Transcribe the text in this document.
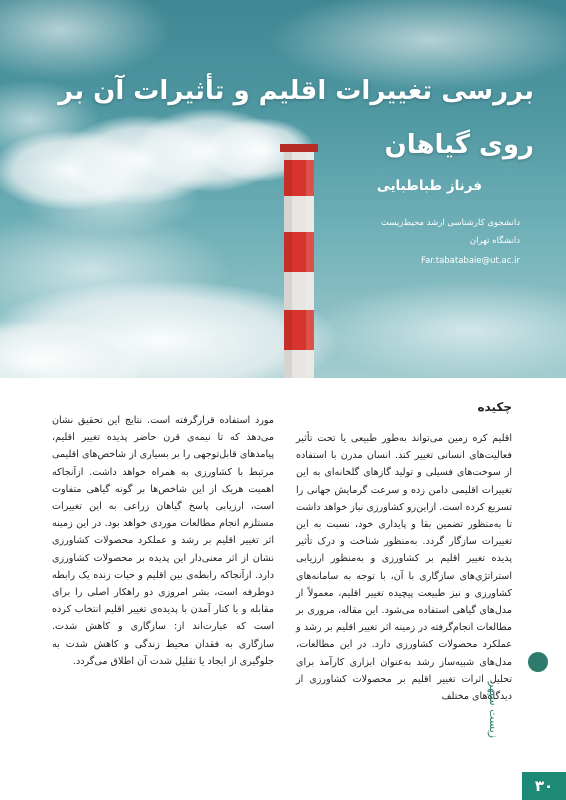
بررسی تغییرات اقلیم و تأثیرات آن بر
روی گیاهان
فرناز طباطبایی
دانشجوی کارشناسی ارشد محیط‌زیست
دانشگاه تهران
Far.tabatabaie@ut.ac.ir
چکیده
اقلیم کره زمین می‌تواند به‌طور طبیعی یا تحت تأثیر فعالیت‌های انسانی تغییر کند. انسان مدرن با استفاده از سوخت‌های فسیلی و تولید گازهای گلخانه‌ای به این تغییرات اقلیمی دامن زده و سرعت گرمایش جهانی را تسریع کرده است. ازاین‌رو کشاورزی نیاز خواهد داشت تا به‌منظور تضمین بقا و پایداری خود، نسبت به این تغییرات سازگار گردد. به‌منظور شناخت و درک تأثیر پدیده تغییر اقلیم بر کشاورزی و به‌منظور ارزیابی استراتژی‌های سازگاری با آن، با توجه به سامانه‌های کشاورزی و نیز طبیعت پیچیده تغییر اقلیم، معمولاً از مدل‌های گیاهی استفاده می‌شود. این مقاله، مروری بر مطالعات انجام‌گرفته در زمینه اثر تغییر اقلیم بر رشد و عملکرد محصولات کشاورزی دارد. در این مطالعات، مدل‌های شبیه‌ساز رشد به‌عنوان ابزاری کارآمد برای تحلیل اثرات تغییر اقلیم بر محصولات کشاورزی از دیدگاه‌های مختلف
مورد استفاده قرارگرفته است. نتایج این تحقیق نشان می‌دهد که تا نیمه‌ی قرن حاضر پدیده تغییر اقلیم، پیامدهای قابل‌توجهی را بر بسیاری از شاخص‌های اقلیمی مرتبط با کشاورزی به همراه خواهد داشت. ازآنجاکه اهمیت هریک از این شاخص‌ها بر گونه گیاهی متفاوت است، ارزیابی پاسخ گیاهان زراعی به این تغییرات مستلزم انجام مطالعات موردی خواهد بود. در این زمینه اثر تغییر اقلیم بر رشد و عملکرد محصولات کشاورزی نشان از اثر معنی‌دار این پدیده بر محصولات کشاورزی دارد. ازآنجاکه رابطه‌ی بین اقلیم و حیات زنده یک رابطه دوطرفه است، بشر امروزی دو راهکار اصلی را برای مقابله و یا کنار آمدن با پدیده‌ی تغییر اقلیم انتخاب کرده است که عبارت‌اند از: سازگاری و کاهش شدت. سازگاری به فقدان محیط زندگی و کاهش شدت به جلوگیری از ایجاد یا تقلیل شدت آن اطلاق می‌گردد.
زیست سپهر
۳۰
